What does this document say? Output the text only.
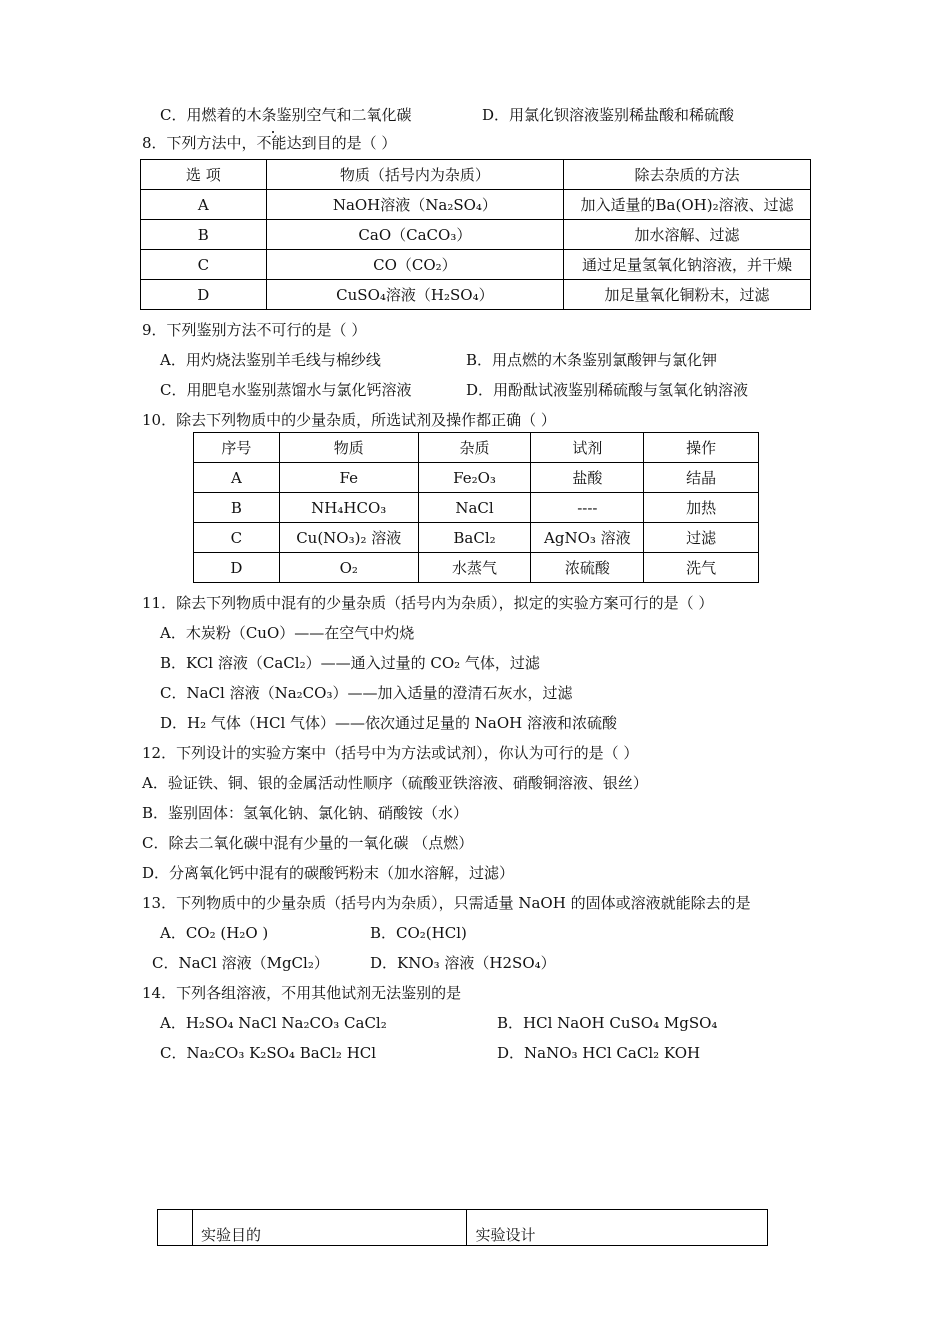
C．用燃着的木条鉴别空气和二氧化碳	D．用氯化钡溶液鉴别稀盐酸和稀硫酸
8．下列方法中，不能达到目的是（ ）
选 项	物质（括号内为杂质）	除去杂质的方法
A	NaOH溶液（Na₂SO₄）	加入适量的Ba(OH)₂溶液、过滤
B	CaO（CaCO₃）	加水溶解、过滤
C	CO（CO₂）	通过足量氢氧化钠溶液，并干燥
D	CuSO₄溶液（H₂SO₄）	加足量氧化铜粉末，过滤
9．下列鉴别方法不可行的是（ ）
A．用灼烧法鉴别羊毛线与棉纱线	B．用点燃的木条鉴别氯酸钾与氯化钾
C．用肥皂水鉴别蒸馏水与氯化钙溶液	D．用酚酞试液鉴别稀硫酸与氢氧化钠溶液
10．除去下列物质中的少量杂质，所选试剂及操作都正确（ ）
序号	物质	杂质	试剂	操作
A	Fe	Fe₂O₃	盐酸	结晶
B	NH₄HCO₃	NaCl	----	加热
C	Cu(NO₃)₂ 溶液	BaCl₂	AgNO₃ 溶液	过滤
D	O₂	水蒸气	浓硫酸	洗气
11．除去下列物质中混有的少量杂质（括号内为杂质），拟定的实验方案可行的是（ ）
A．木炭粉（CuO）——在空气中灼烧
B．KCl 溶液（CaCl₂）——通入过量的 CO₂ 气体，过滤
C．NaCl 溶液（Na₂CO₃）——加入适量的澄清石灰水，过滤
D．H₂ 气体（HCl 气体）——依次通过足量的 NaOH 溶液和浓硫酸
12．下列设计的实验方案中（括号中为方法或试剂），你认为可行的是（ ）
A．验证铁、铜、银的金属活动性顺序（硫酸亚铁溶液、硝酸铜溶液、银丝）
B．鉴别固体：氢氧化钠、氯化钠、硝酸铵（水）
C．除去二氧化碳中混有少量的一氧化碳 （点燃）
D．分离氧化钙中混有的碳酸钙粉末（加水溶解，过滤）
13．下列物质中的少量杂质（括号内为杂质），只需适量 NaOH 的固体或溶液就能除去的是
A．CO₂ (H₂O )	B．CO₂(HCl)
C．NaCl 溶液（MgCl₂）	D．KNO₃ 溶液（H2SO₄）
14．下列各组溶液，不用其他试剂无法鉴别的是
A．H₂SO₄ NaCl Na₂CO₃ CaCl₂	B．HCl NaOH CuSO₄ MgSO₄
C．Na₂CO₃ K₂SO₄ BaCl₂ HCl	D．NaNO₃ HCl CaCl₂ KOH
	实验目的	实验设计
